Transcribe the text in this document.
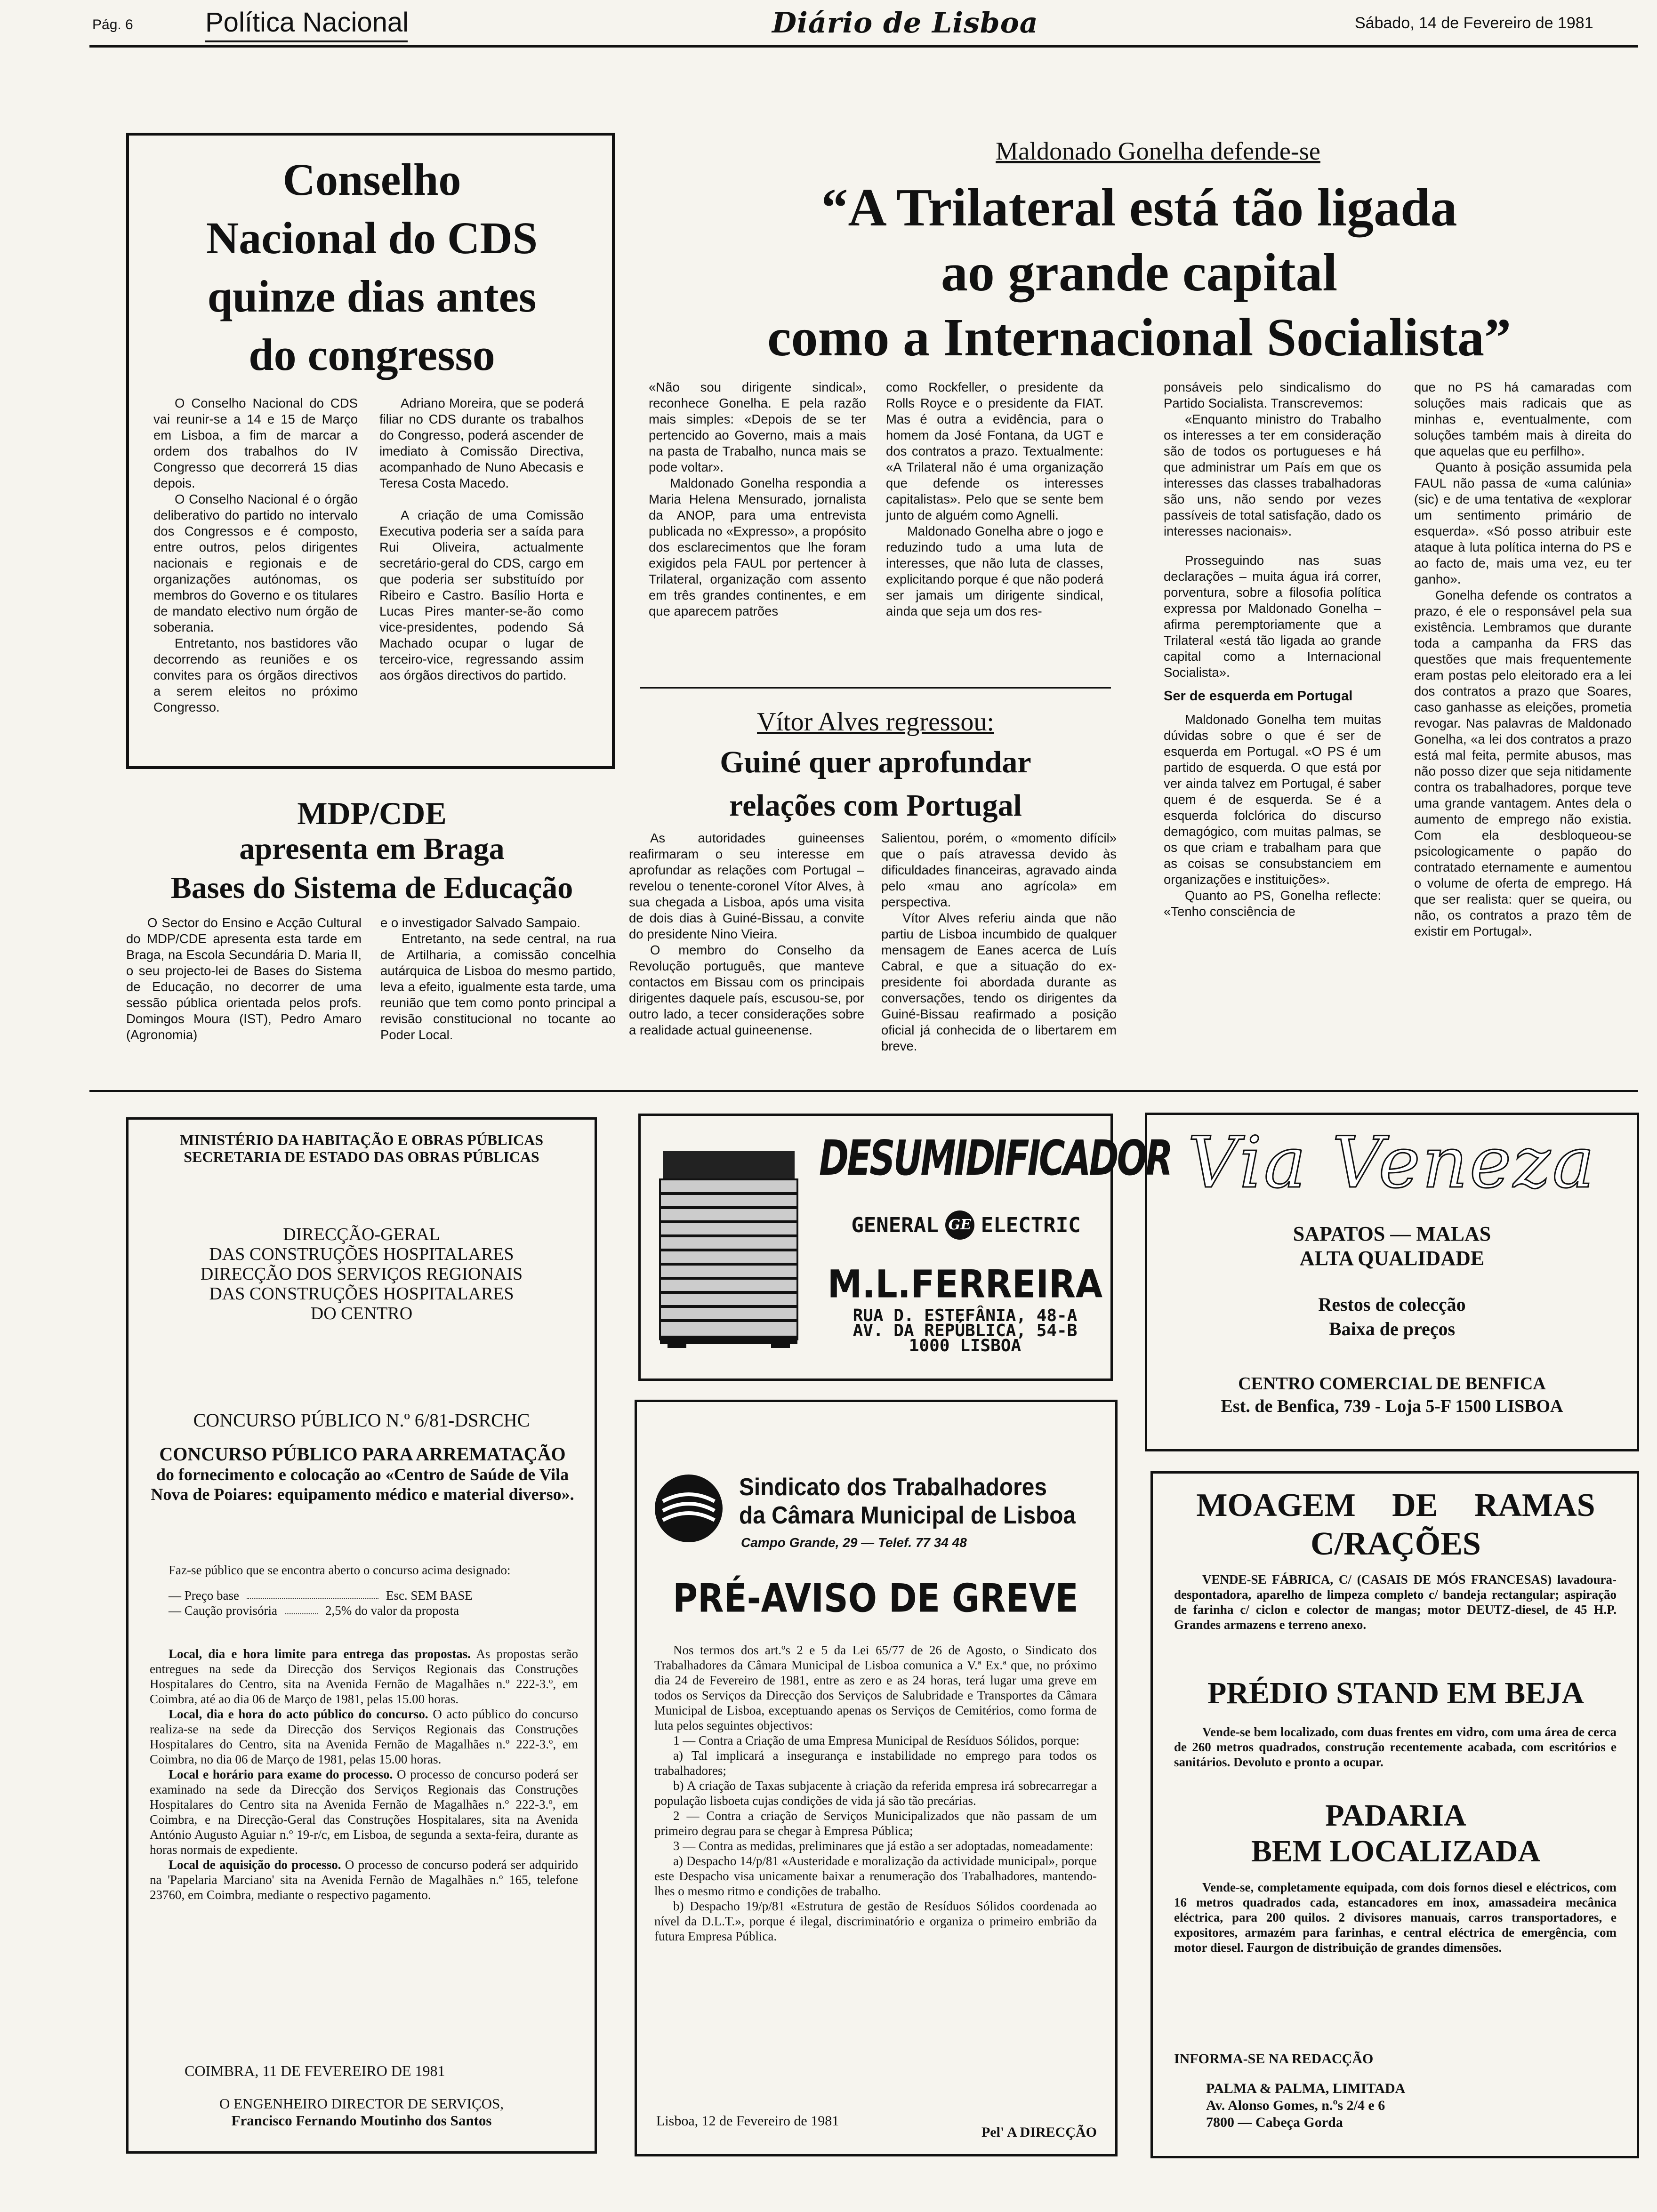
Pág. 6	Política Nacional	Diário de Lisboa	Sábado, 14 de Fevereiro de 1981
Conselho
Nacional do CDS
quinze dias antes
do congresso

O Conselho Nacional do CDS vai reunir-se a 14 e 15 de Março em Lisboa, a fim de marcar a ordem dos trabalhos do IV Congresso que decorrerá 15 dias depois.

O Conselho Nacional é o órgão deliberativo do partido no intervalo dos Congressos e é composto, entre outros, pelos dirigentes nacionais e regionais e de organizações autónomas, os membros do Governo e os titulares de mandato electivo num órgão de soberania.

Entretanto, nos bastidores vão decorrendo as reuniões e os convites para os órgãos directivos a serem eleitos no próximo Congresso.

Adriano Moreira, que se poderá filiar no CDS durante os trabalhos do Congresso, poderá ascender de imediato à Comissão Directiva, acompanhado de Nuno Abecasis e Teresa Costa Macedo.

A criação de uma Comissão Executiva poderia ser a saída para Rui Oliveira, actualmente secretário-geral do CDS, cargo em que poderia ser substituído por Ribeiro e Castro. Basílio Horta e Lucas Pires manter-se-ão como vice-presidentes, podendo Sá Machado ocupar o lugar de terceiro-vice, regressando assim aos órgãos directivos do partido.

MDP/CDE
apresenta em Braga
Bases do Sistema de Educação

O Sector do Ensino e Acção Cultural do MDP/CDE apresenta esta tarde em Braga, na Escola Secundária D. Maria II, o seu projecto-lei de Bases do Sistema de Educação, no decorrer de uma sessão pública orientada pelos profs. Domingos Moura (IST), Pedro Amaro (Agronomia)

e o investigador Salvado Sampaio.

Entretanto, na sede central, na rua de Artilharia, a comissão concelhia autárquica de Lisboa do mesmo partido, leva a efeito, igualmente esta tarde, uma reunião que tem como ponto principal a revisão constitucional no tocante ao Poder Local.

Maldonado Gonelha defende-se
“A Trilateral está tão ligada
ao grande capital
como a Internacional Socialista”

«Não sou dirigente sindical», reconhece Gonelha. E pela razão mais simples: «Depois de se ter pertencido ao Governo, mais a mais na pasta de Trabalho, nunca mais se pode voltar».

Maldonado Gonelha respondia a Maria Helena Mensurado, jornalista da ANOP, para uma entrevista publicada no «Expresso», a propósito dos esclarecimentos que lhe foram exigidos pela FAUL por pertencer à Trilateral, organização com assento em três grandes continentes, e em que aparecem patrões

como Rockfeller, o presidente da Rolls Royce e o presidente da FIAT. Mas é outra a evidência, para o homem da José Fontana, da UGT e dos contratos a prazo. Textualmente: «A Trilateral não é uma organização que defende os interesses capitalistas». Pelo que se sente bem junto de alguém como Agnelli.

Maldonado Gonelha abre o jogo e reduzindo tudo a uma luta de interesses, que não luta de classes, explicitando porque é que não poderá ser jamais um dirigente sindical, ainda que seja um dos res-

ponsáveis pelo sindicalismo do Partido Socialista. Transcrevemos:

«Enquanto ministro do Trabalho os interesses a ter em consideração são de todos os portugueses e há que administrar um País em que os interesses das classes trabalhadoras são uns, não sendo por vezes passíveis de total satisfação, dado os interesses nacionais».

Prosseguindo nas suas declarações – muita água irá correr, porventura, sobre a filosofia política expressa por Maldonado Gonelha – afirma peremptoriamente que a Trilateral «está tão ligada ao grande capital como a Internacional Socialista».

Ser de esquerda em Portugal

Maldonado Gonelha tem muitas dúvidas sobre o que é ser de esquerda em Portugal. «O PS é um partido de esquerda. O que está por ver ainda talvez em Portugal, é saber quem é de esquerda. Se é a esquerda folclórica do discurso demagógico, com muitas palmas, se os que criam e trabalham para que as coisas se consubstanciem em organizações e instituições».

Quanto ao PS, Gonelha reflecte: «Tenho consciência de

que no PS há camaradas com soluções mais radicais que as minhas e, eventualmente, com soluções também mais à direita do que aquelas que eu perfilho».

Quanto à posição assumida pela FAUL não passa de «uma calúnia» (sic) e de uma tentativa de «explorar um sentimento primário de esquerda». «Só posso atribuir este ataque à luta política interna do PS e ao facto de, mais uma vez, eu ter ganho».

Gonelha defende os contratos a prazo, é ele o responsável pela sua existência. Lembramos que durante toda a campanha da FRS das questões que mais frequentemente eram postas pelo eleitorado era a lei dos contratos a prazo que Soares, caso ganhasse as eleições, prometia revogar. Nas palavras de Maldonado Gonelha, «a lei dos contratos a prazo está mal feita, permite abusos, mas não posso dizer que seja nitidamente contra os trabalhadores, porque teve uma grande vantagem. Antes dela o aumento de emprego não existia. Com ela desbloqueou-se psicologicamente o papão do contratado eternamente e aumentou o volume de oferta de emprego. Há que ser realista: quer se queira, ou não, os contratos a prazo têm de existir em Portugal».

Vítor Alves regressou:
Guiné quer aprofundar
relações com Portugal

As autoridades guineenses reafirmaram o seu interesse em aprofundar as relações com Portugal – revelou o tenente-coronel Vítor Alves, à sua chegada a Lisboa, após uma visita de dois dias à Guiné-Bissau, a convite do presidente Nino Vieira.

O membro do Conselho da Revolução português, que manteve contactos em Bissau com os principais dirigentes daquele país, escusou-se, por outro lado, a tecer considerações sobre a realidade actual guineenense.

Salientou, porém, o «momento difícil» que o país atravessa devido às dificuldades financeiras, agravado ainda pelo «mau ano agrícola» em perspectiva.

Vítor Alves referiu ainda que não partiu de Lisboa incumbido de qualquer mensagem de Eanes acerca de Luís Cabral, e que a situação do ex-presidente foi abordada durante as conversações, tendo os dirigentes da Guiné-Bissau reafirmado a posição oficial já conhecida de o libertarem em breve.

MINISTÉRIO DA HABITAÇÃO E OBRAS PÚBLICAS
SECRETARIA DE ESTADO DAS OBRAS PÚBLICAS
DIRECÇÃO-GERAL
DAS CONSTRUÇÕES HOSPITALARES
DIRECÇÃO DOS SERVIÇOS REGIONAIS
DAS CONSTRUÇÕES HOSPITALARES
DO CENTRO
CONCURSO PÚBLICO N.º 6/81-DSRCHC
CONCURSO PÚBLICO PARA ARREMATAÇÃO
do fornecimento e colocação ao «Centro de Saúde de Vila Nova de Poiares: equipamento médico e material diverso».

Faz-se público que se encontra aberto o concurso acima designado:

— Preço base	Esc. SEM BASE
— Caução provisória	2,5% do valor da proposta

Local, dia e hora limite para entrega das propostas. As propostas serão entregues na sede da Direcção dos Serviços Regionais das Construções Hospitalares do Centro, sita na Avenida Fernão de Magalhães n.º 222-3.º, em Coimbra, até ao dia 06 de Março de 1981, pelas 15.00 horas.

Local, dia e hora do acto público do concurso. O acto público do concurso realiza-se na sede da Direcção dos Serviços Regionais das Construções Hospitalares do Centro, sita na Avenida Fernão de Magalhães n.º 222-3.º, em Coimbra, no dia 06 de Março de 1981, pelas 15.00 horas.

Local e horário para exame do processo. O processo de concurso poderá ser examinado na sede da Direcção dos Serviços Regionais das Construções Hospitalares do Centro sita na Avenida Fernão de Magalhães n.º 222-3.º, em Coimbra, e na Direcção-Geral das Construções Hospitalares, sita na Avenida António Augusto Aguiar n.º 19-r/c, em Lisboa, de segunda a sexta-feira, durante as horas normais de expediente.

Local de aquisição do processo. O processo de concurso poderá ser adquirido na 'Papelaria Marciano' sita na Avenida Fernão de Magalhães n.º 165, telefone 23760, em Coimbra, mediante o respectivo pagamento.

COIMBRA, 11 DE FEVEREIRO DE 1981
O ENGENHEIRO DIRECTOR DE SERVIÇOS,
Francisco Fernando Moutinho dos Santos
DESUMIDIFICADOR
GENERAL GE ELECTRIC
M.L.FERREIRA
RUA D. ESTEFÂNIA, 48-A
AV. DA REPÚBLICA, 54-B
1000 LISBOA
Sindicato dos Trabalhadores
da Câmara Municipal de Lisboa
Campo Grande, 29 — Telef. 77 34 48
PRÉ-AVISO DE GREVE

Nos termos dos art.ºs 2 e 5 da Lei 65/77 de 26 de Agosto, o Sindicato dos Trabalhadores da Câmara Municipal de Lisboa comunica a V.ª Ex.ª que, no próximo dia 24 de Fevereiro de 1981, entre as zero e as 24 horas, terá lugar uma greve em todos os Serviços da Direcção dos Serviços de Salubridade e Transportes da Câmara Municipal de Lisboa, exceptuando apenas os Serviços de Cemitérios, como forma de luta pelos seguintes objectivos:

1 — Contra a Criação de uma Empresa Municipal de Resíduos Sólidos, porque:

a) Tal implicará a insegurança e instabilidade no emprego para todos os trabalhadores;

b) A criação de Taxas subjacente à criação da referida empresa irá sobrecarregar a população lisboeta cujas condições de vida já são tão precárias.

2 — Contra a criação de Serviços Municipalizados que não passam de um primeiro degrau para se chegar à Empresa Pública;

3 — Contra as medidas, preliminares que já estão a ser adoptadas, nomeadamente:

a) Despacho 14/p/81 «Austeridade e moralização da actividade municipal», porque este Despacho visa unicamente baixar a renumeração dos Trabalhadores, mantendo-lhes o mesmo ritmo e condições de trabalho.

b) Despacho 19/p/81 «Estrutura de gestão de Resíduos Sólidos coordenada ao nível da D.L.T.», porque é ilegal, discriminatório e organiza o primeiro embrião da futura Empresa Pública.

Lisboa, 12 de Fevereiro de 1981
Pel' A DIRECÇÃO
Via Veneza
SAPATOS — MALAS
ALTA QUALIDADE
Restos de colecção
Baixa de preços
CENTRO COMERCIAL DE BENFICA
Est. de Benfica, 739 - Loja 5-F 1500 LISBOA
MOAGEM DE RAMAS
C/RAÇÕES
VENDE-SE FÁBRICA, C/ (CASAIS DE MÓS FRANCESAS) lavadoura-despontadora, aparelho de limpeza completo c/ bandeja rectangular; aspiração de farinha c/ ciclon e colector de mangas; motor DEUTZ-diesel, de 45 H.P. Grandes armazens e terreno anexo.
PRÉDIO STAND EM BEJA
Vende-se bem localizado, com duas frentes em vidro, com uma área de cerca de 260 metros quadrados, construção recentemente acabada, com escritórios e sanitários. Devoluto e pronto a ocupar.
PADARIA
BEM LOCALIZADA
Vende-se, completamente equipada, com dois fornos diesel e eléctricos, com 16 metros quadrados cada, estancadores em inox, amassadeira mecânica eléctrica, para 200 quilos. 2 divisores manuais, carros transportadores, e expositores, armazém para farinhas, e central eléctrica de emergência, com motor diesel. Faurgon de distribuição de grandes dimensões.
INFORMA-SE NA REDACÇÃO
PALMA & PALMA, LIMITADA
Av. Alonso Gomes, n.ºs 2/4 e 6
7800 — Cabeça Gorda
